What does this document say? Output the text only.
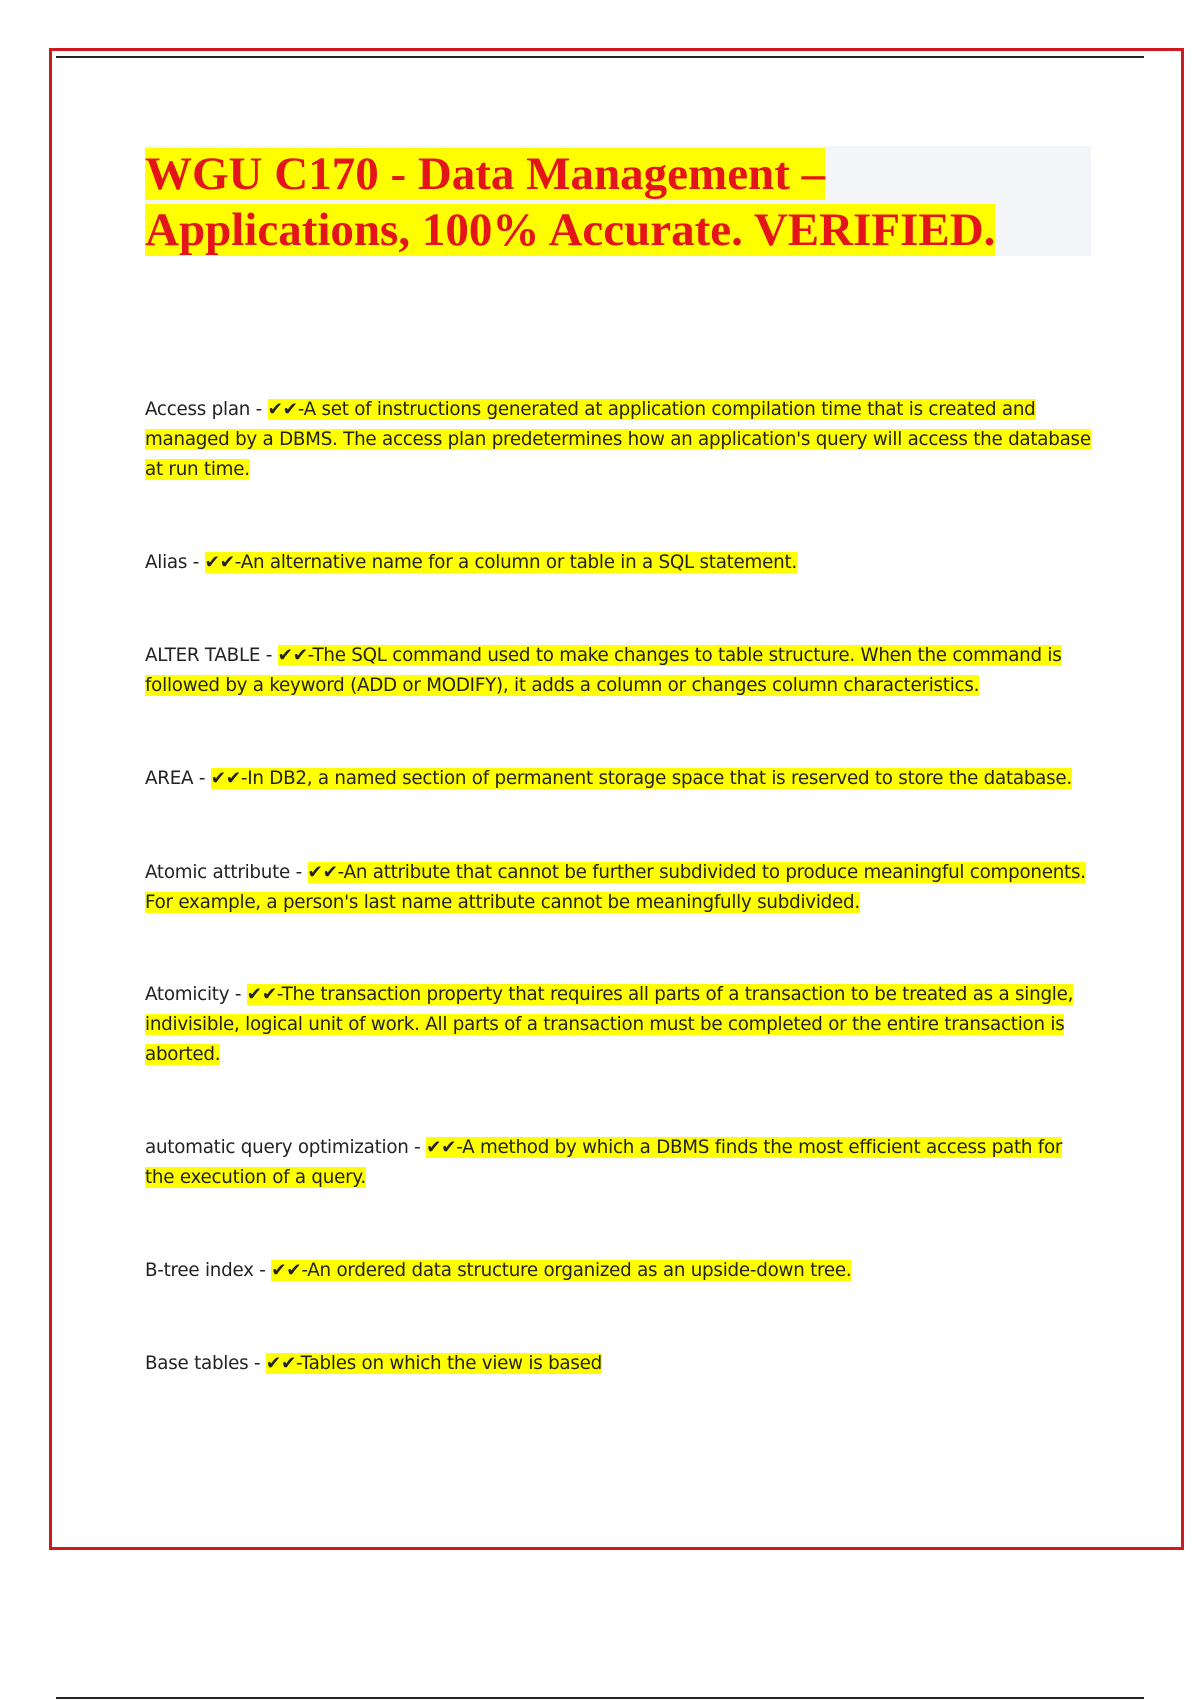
WGU C170 - Data Management – Applications, 100% Accurate. VERIFIED.

Access plan - ✔✔-A set of instructions generated at application compilation time that is created and managed by a DBMS. The access plan predetermines how an application's query will access the database at run time.

Alias - ✔✔-An alternative name for a column or table in a SQL statement.

ALTER TABLE - ✔✔-The SQL command used to make changes to table structure. When the command is followed by a keyword (ADD or MODIFY), it adds a column or changes column characteristics.

AREA - ✔✔-In DB2, a named section of permanent storage space that is reserved to store the database.

Atomic attribute - ✔✔-An attribute that cannot be further subdivided to produce meaningful components. For example, a person's last name attribute cannot be meaningfully subdivided.

Atomicity - ✔✔-The transaction property that requires all parts of a transaction to be treated as a single, indivisible, logical unit of work. All parts of a transaction must be completed or the entire transaction is aborted.

automatic query optimization - ✔✔-A method by which a DBMS finds the most efficient access path for the execution of a query.

B-tree index - ✔✔-An ordered data structure organized as an upside-down tree.

Base tables - ✔✔-Tables on which the view is based
